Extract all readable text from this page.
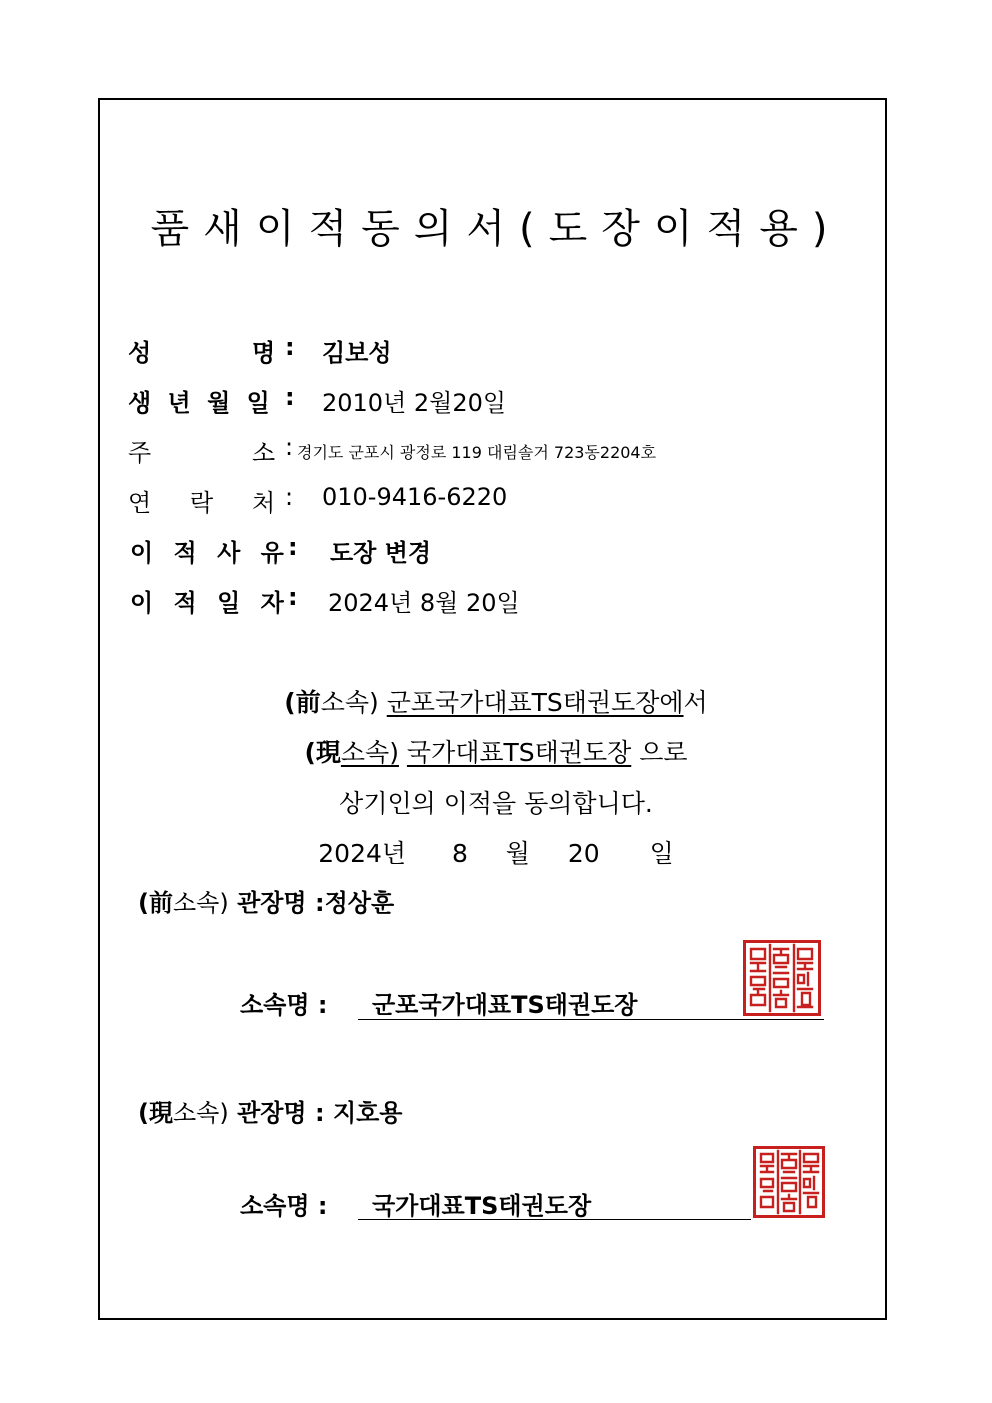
품새이적동의서(도장이적용)
성	명 : 김보성
생 년 월 일 : 2010년 2월20일
주	소 : 경기도 군포시 광정로 119 대림솔거 723동2204호
연 락 처 : 010-9416-6220
이 적 사 유
: 도장 변경
이 적 일 자
: 2024년 8월 20일
(前소속) 군포국가대표TS태권도장에서
(現소속) 국가대표TS태권도장 으로
상기인의 이적을 동의합니다.
2024년 8 월 20 일
(前소속) 관장명 :정상훈
소속명 : 군포국가대표TS태권도장
(現소속) 관장명 : 지호용
소속명 : 국가대표TS태권도장
